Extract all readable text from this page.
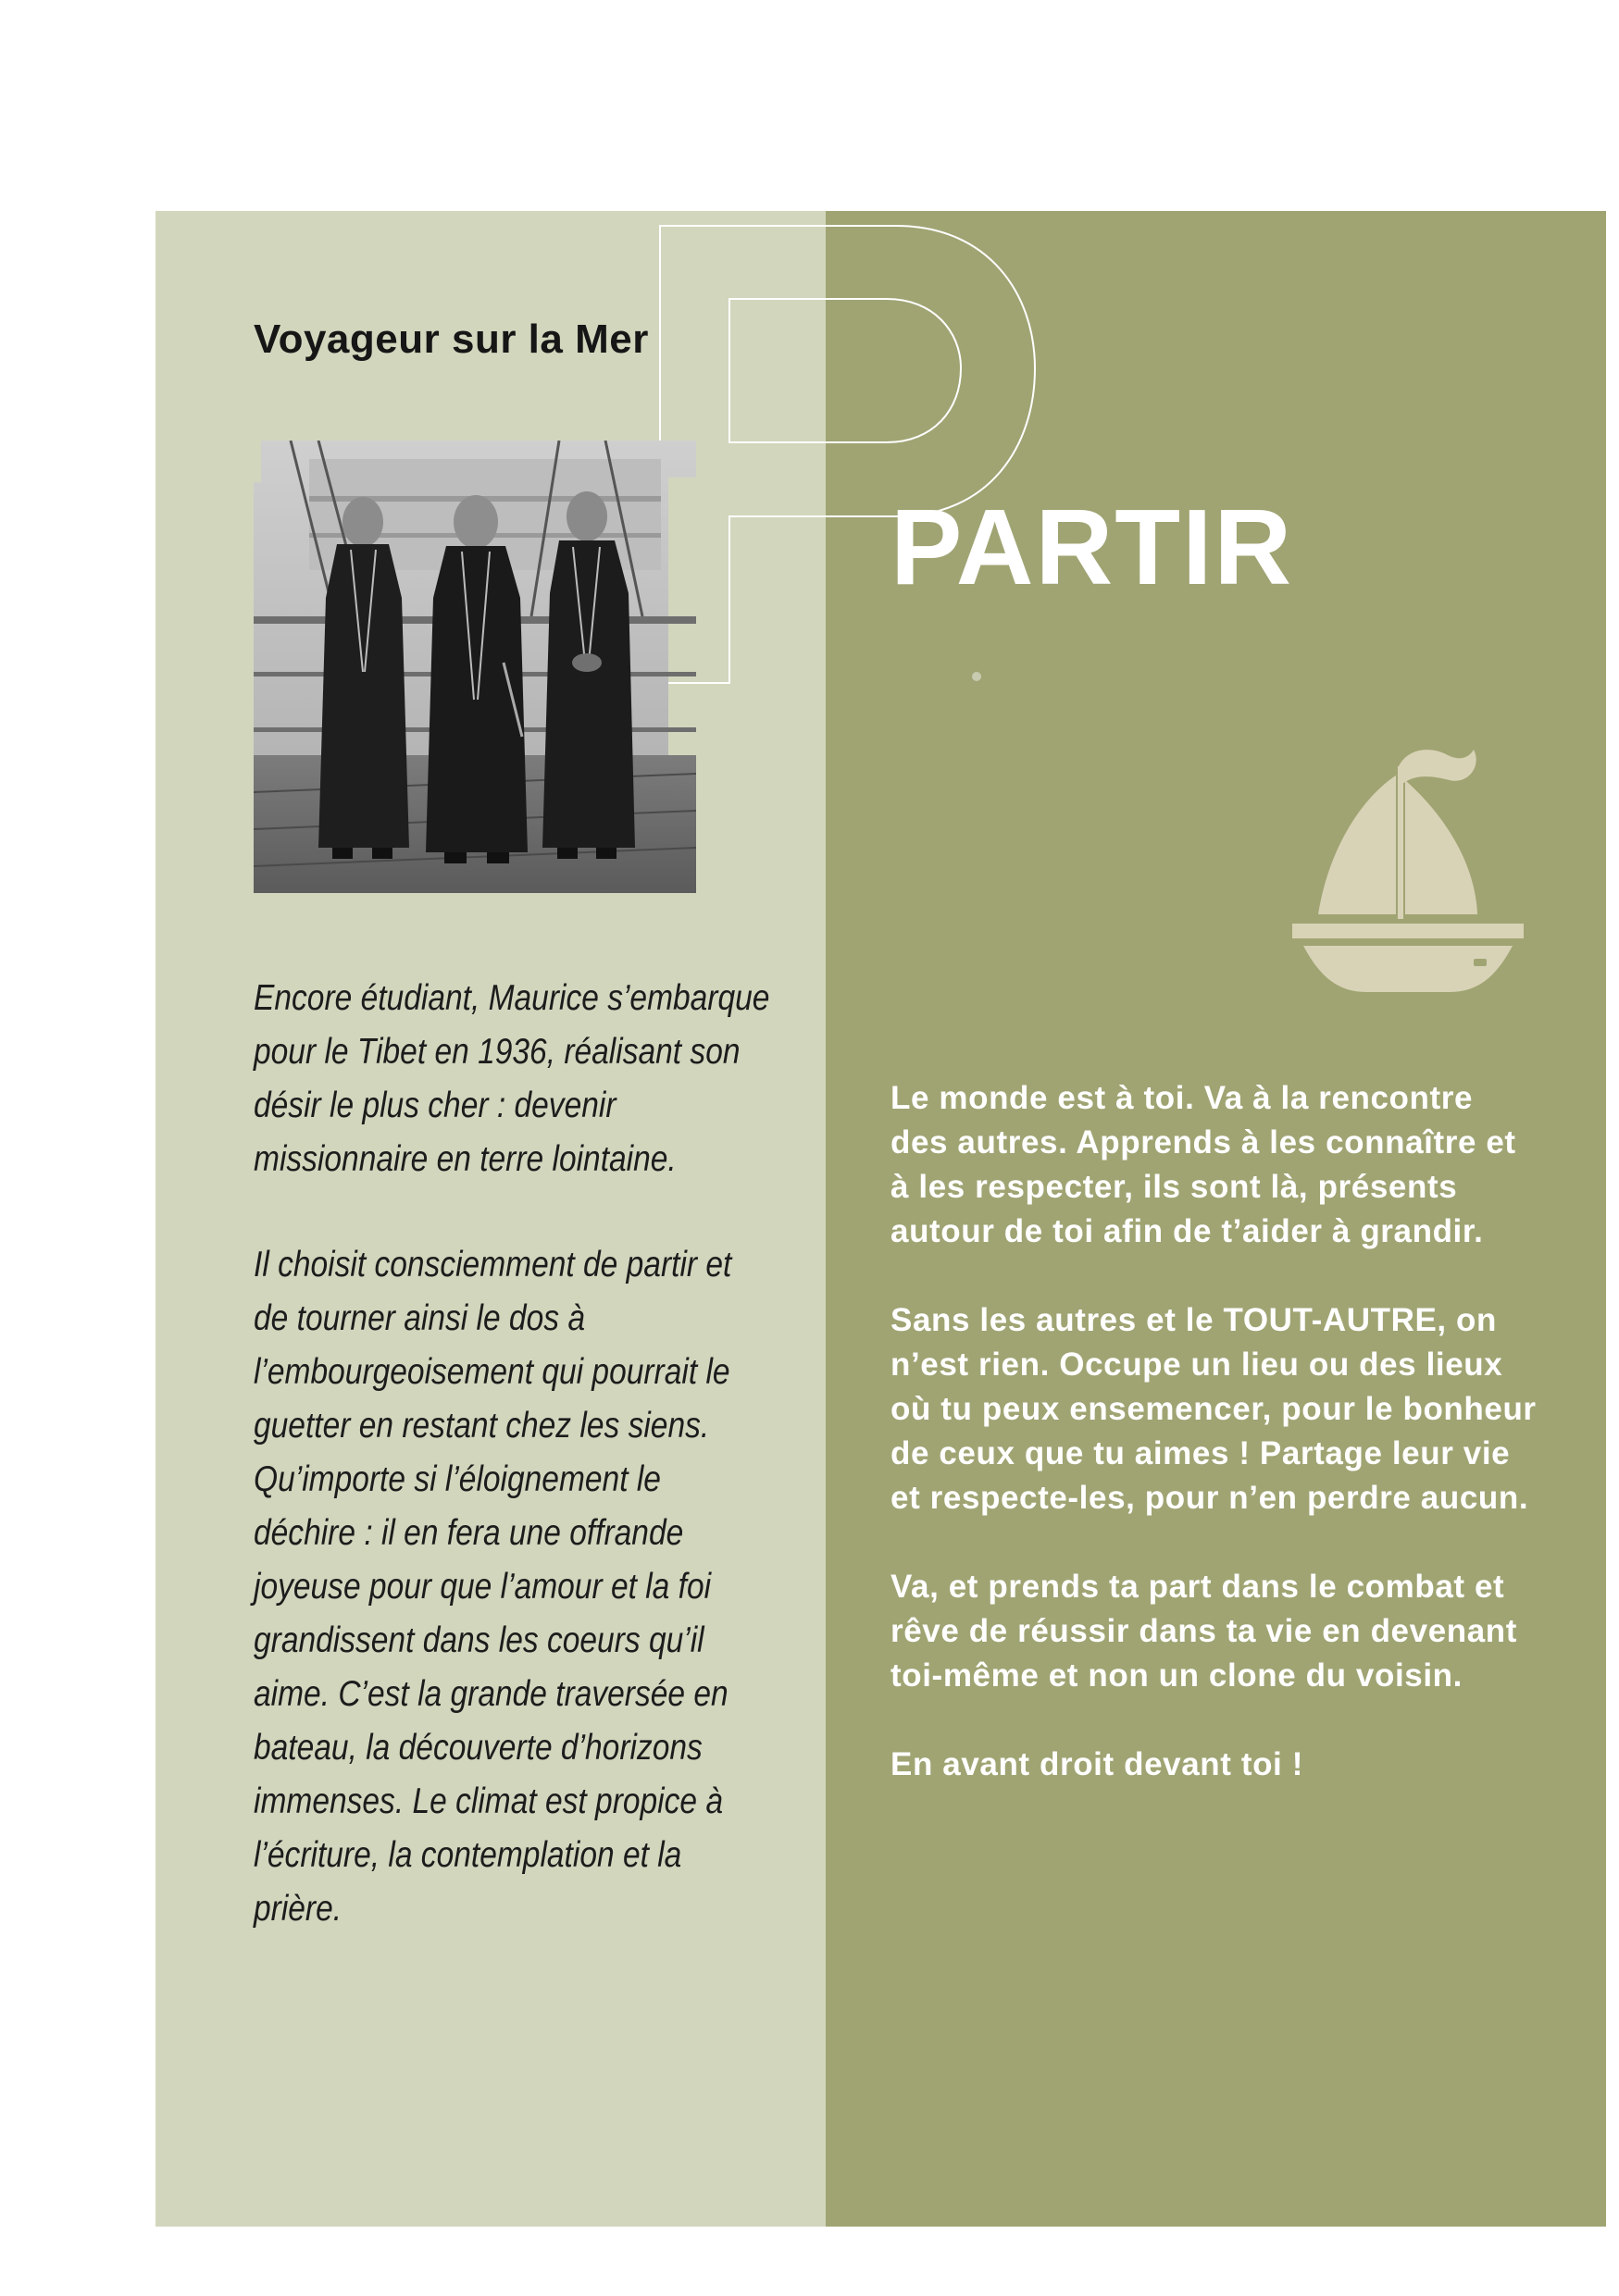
Voyageur sur la Mer
PARTIR

Encore étudiant, Maurice s’embarque pour le Tibet en 1936, réalisant son désir le plus cher : devenir missionnaire en terre lointaine.

Il choisit consciemment de partir et de tourner ainsi le dos à l’embourgeoisement qui pourrait le guetter en restant chez les siens. Qu’importe si l’éloignement le déchire : il en fera une offrande joyeuse pour que l’amour et la foi grandissent dans les coeurs qu’il aime. C’est la grande traversée en bateau, la découverte d’horizons immenses. Le climat est propice à l’écriture, la contemplation et la prière.

Le monde est à toi. Va à la rencontre des autres. Apprends à les connaître et à les respecter, ils sont là, présents autour de toi afin de t’aider à grandir.

Sans les autres et le TOUT-AUTRE, on n’est rien. Occupe un lieu ou des lieux où tu peux ensemencer, pour le bonheur de ceux que tu aimes ! Partage leur vie et respecte-les, pour n’en perdre aucun.

Va, et prends ta part dans le combat et rêve de réussir dans ta vie en devenant toi-même et non un clone du voisin.

En avant droit devant toi !
